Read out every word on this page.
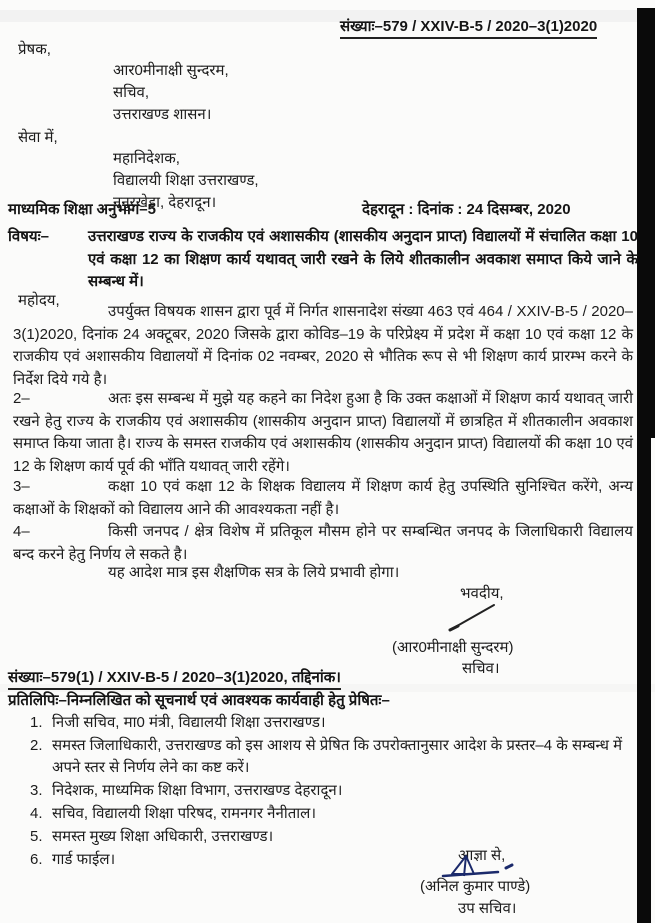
संख्याः–579 / XXIV-B-5 / 2020–3(1)2020
प्रेषक,
आर0मीनाक्षी सुन्दरम,
सचिव,
उत्तराखण्ड शासन।
सेवा में,
महानिदेशक,
विद्यालयी शिक्षा उत्तराखण्ड,
ननूरखेडा, देहरादून।
माध्यमिक शिक्षा अनुभाग–5	देहरादून : दिनांक : 24 दिसम्बर, 2020
विषयः–	उत्तराखण्ड राज्य के राजकीय एवं अशासकीय (शासकीय अनुदान प्राप्त) विद्यालयों में संचालित कक्षा 10 एवं कक्षा 12 का शिक्षण कार्य यथावत् जारी रखने के लिये शीतकालीन अवकाश समाप्त किये जाने के सम्बन्ध में।
महोदय,
उपर्युक्त विषयक शासन द्वारा पूर्व में निर्गत शासनादेश संख्या 463 एवं 464 / XXIV-B-5 / 2020–3(1)2020, दिनांक 24 अक्टूबर, 2020 जिसके द्वारा कोविड–19 के परिप्रेक्ष्य में प्रदेश में कक्षा 10 एवं कक्षा 12 के राजकीय एवं अशासकीय विद्यालयों में दिनांक 02 नवम्बर, 2020 से भौतिक रूप से भी शिक्षण कार्य प्रारम्भ करने के निर्देश दिये गये है।
2–	अतः इस सम्बन्ध में मुझे यह कहने का निदेश हुआ है कि उक्त कक्षाओं में शिक्षण कार्य यथावत् जारी रखने हेतु राज्य के राजकीय एवं अशासकीय (शासकीय अनुदान प्राप्त) विद्यालयों में छात्रहित में शीतकालीन अवकाश समाप्त किया जाता है। राज्य के समस्त राजकीय एवं अशासकीय (शासकीय अनुदान प्राप्त) विद्यालयों की कक्षा 10 एवं 12 के शिक्षण कार्य पूर्व की भाँति यथावत् जारी रहेंगे।
3–	कक्षा 10 एवं कक्षा 12 के शिक्षक विद्यालय में शिक्षण कार्य हेतु उपस्थिति सुनिश्चित करेंगे, अन्य कक्षाओं के शिक्षकों को विद्यालय आने की आवश्यकता नहीं है।
4–	किसी जनपद / क्षेत्र विशेष में प्रतिकूल मौसम होने पर सम्बन्धित जनपद के जिलाधिकारी विद्यालय बन्द करने हेतु निर्णय ले सकते है।
यह आदेश मात्र इस शैक्षणिक सत्र के लिये प्रभावी होगा।
भवदीय,
(आर0मीनाक्षी सुन्दरम)
सचिव।
संख्याः–579(1) / XXIV-B-5 / 2020–3(1)2020, तद्दिनांक।
प्रतिलिपिः–निम्नलिखित को सूचनार्थ एवं आवश्यक कार्यवाही हेतु प्रेषितः–
1. निजी सचिव, मा0 मंत्री, विद्यालयी शिक्षा उत्तराखण्ड।
2. समस्त जिलाधिकारी, उत्तराखण्ड को इस आशय से प्रेषित कि उपरोक्तानुसार आदेश के प्रस्तर–4 के सम्बन्ध में अपने स्तर से निर्णय लेने का कष्ट करें।
3. निदेशक, माध्यमिक शिक्षा विभाग, उत्तराखण्ड देहरादून।
4. सचिव, विद्यालयी शिक्षा परिषद, रामनगर नैनीताल।
5. समस्त मुख्य शिक्षा अधिकारी, उत्तराखण्ड।
6. गार्ड फाईल।	आज्ञा से,
(अनिल कुमार पाण्डे)
उप सचिव।
